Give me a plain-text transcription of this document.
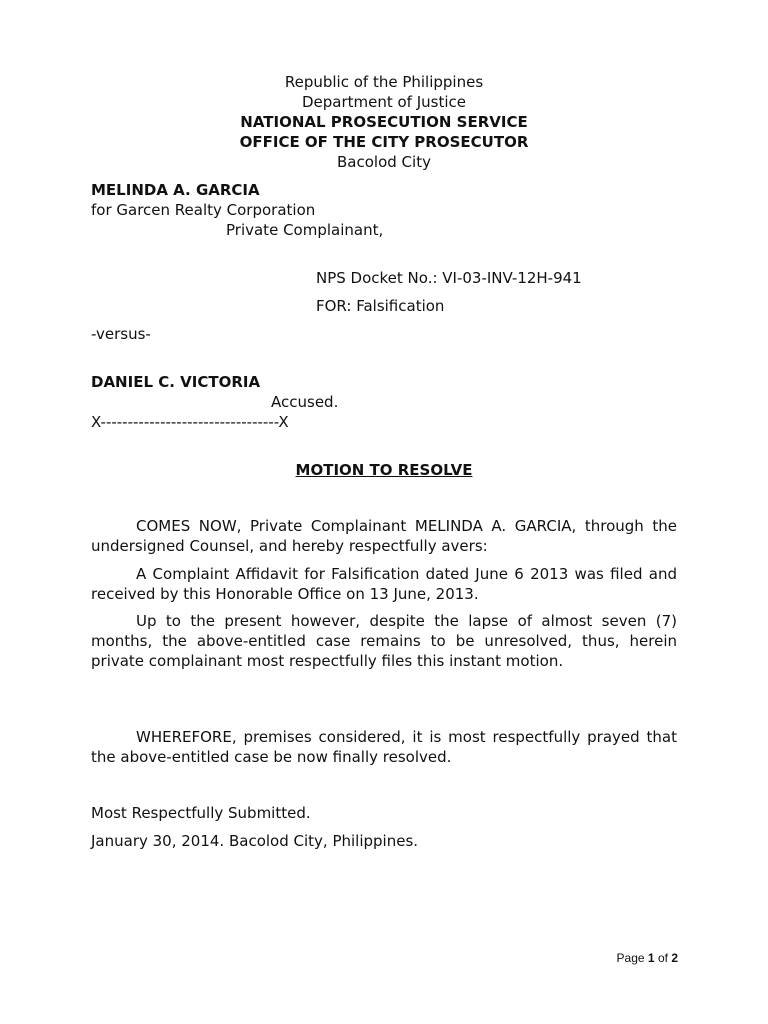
Republic of the Philippines
Department of Justice
NATIONAL PROSECUTION SERVICE
OFFICE OF THE CITY PROSECUTOR
Bacolod City
MELINDA A. GARCIA
for Garcen Realty Corporation
Private Complainant,
NPS Docket No.: VI-03-INV-12H-941
FOR: Falsification
-versus-
DANIEL C. VICTORIA
Accused.
X---------------------------------X
MOTION TO RESOLVE

COMES NOW, Private Complainant MELINDA A. GARCIA, through the undersigned Counsel, and hereby respectfully avers:

A Complaint Affidavit for Falsification dated June 6 2013 was filed and received by this Honorable Office on 13 June, 2013.

Up to the present however, despite the lapse of almost seven (7) months, the above-entitled case remains to be unresolved, thus, herein private complainant most respectfully files this instant motion.

WHEREFORE, premises considered, it is most respectfully prayed that the above-entitled case be now finally resolved.

Most Respectfully Submitted.
January 30, 2014. Bacolod City, Philippines.
Page 1 of 2
